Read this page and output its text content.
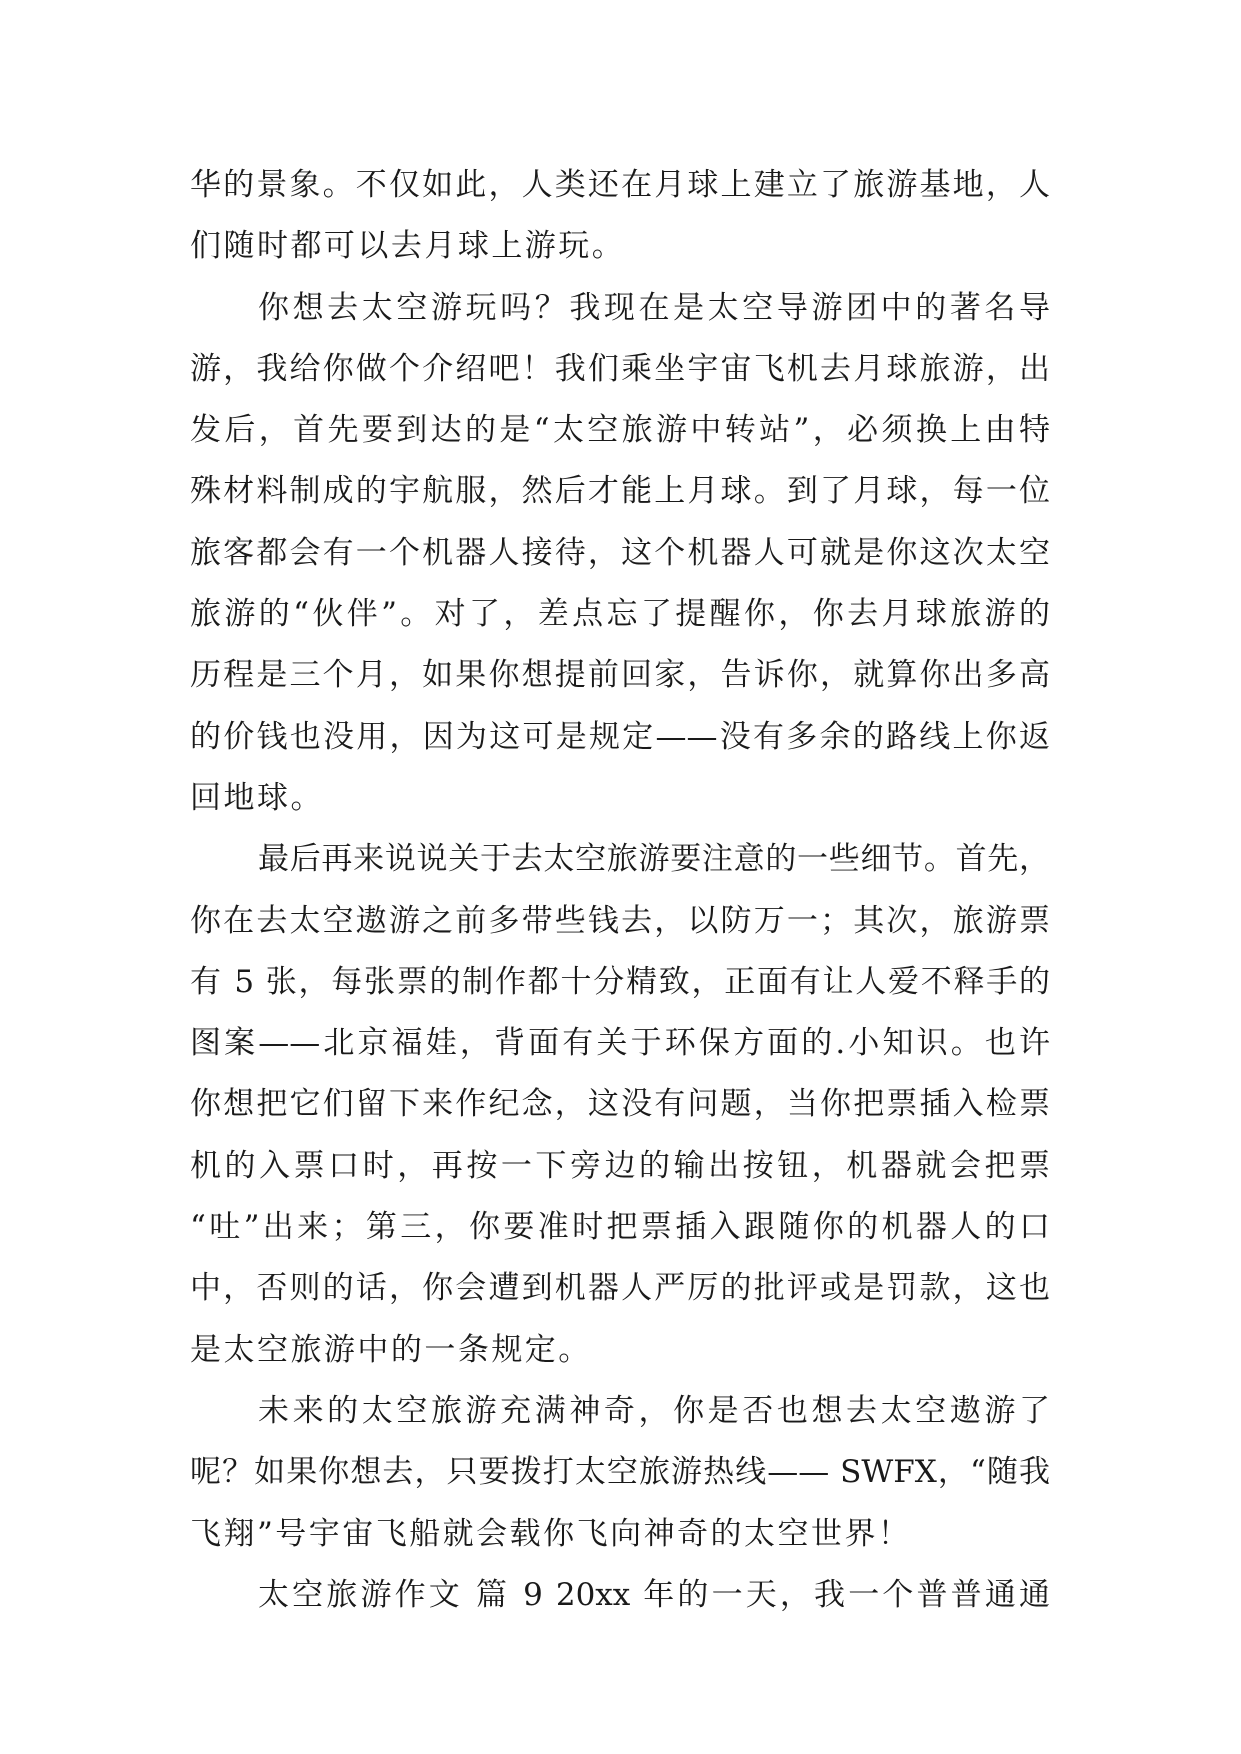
华的景象。不仅如此，人类还在月球上建立了旅游基地，人
们随时都可以去月球上游玩。
你想去太空游玩吗？我现在是太空导游团中的著名导
游，我给你做个介绍吧！我们乘坐宇宙飞机去月球旅游，出
发后，首先要到达的是“太空旅游中转站”，必须换上由特
殊材料制成的宇航服，然后才能上月球。到了月球，每一位
旅客都会有一个机器人接待，这个机器人可就是你这次太空
旅游的“伙伴”。对了，差点忘了提醒你，你去月球旅游的
历程是三个月，如果你想提前回家，告诉你，就算你出多高
的价钱也没用，因为这可是规定——没有多余的路线上你返
回地球。
最后再来说说关于去太空旅游要注意的一些细节。首先，
你在去太空遨游之前多带些钱去，以防万一；其次，旅游票
有 5 张，每张票的制作都十分精致，正面有让人爱不释手的
图案——北京福娃，背面有关于环保方面的.小知识。也许
你想把它们留下来作纪念，这没有问题，当你把票插入检票
机的入票口时，再按一下旁边的输出按钮，机器就会把票
“吐”出来；第三，你要准时把票插入跟随你的机器人的口
中，否则的话，你会遭到机器人严厉的批评或是罚款，这也
是太空旅游中的一条规定。
未来的太空旅游充满神奇，你是否也想去太空遨游了
呢？如果你想去，只要拨打太空旅游热线—— SWFX，“随我
飞翔”号宇宙飞船就会载你飞向神奇的太空世界！
太空旅游作文 篇 9 20xx 年的一天，我一个普普通通
